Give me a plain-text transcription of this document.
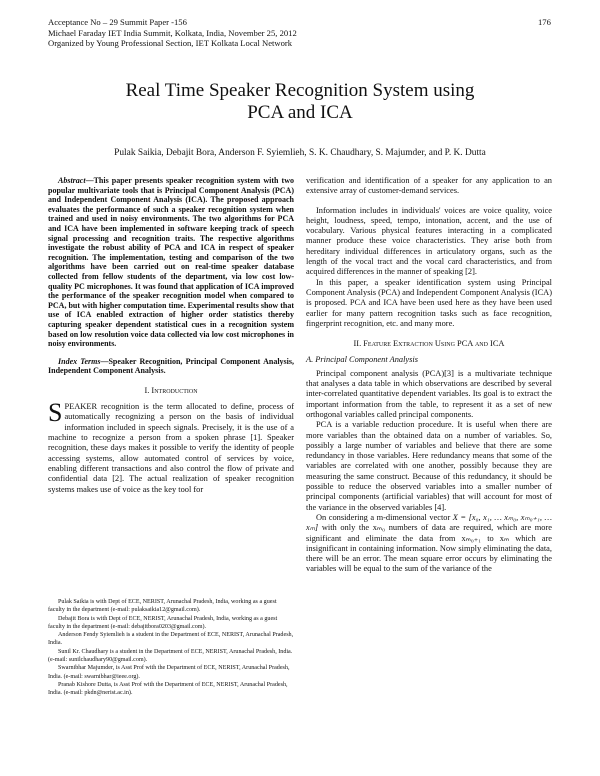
Acceptance No – 29 Summit Paper -156
Michael Faraday IET India Summit, Kolkata, India, November 25, 2012
Organized by Young Professional Section, IET Kolkata Local Network
176
Real Time Speaker Recognition System using
PCA and ICA
Pulak Saikia, Debajit Bora, Anderson F. Syiemlieh, S. K. Chaudhary, S. Majumder, and P. K. Dutta

Abstract—This paper presents speaker recognition system with two popular multivariate tools that is Principal Component Analysis (PCA) and Independent Component Analysis (ICA). The proposed approach evaluates the performance of such a speaker recognition system when trained and used in noisy environments. The two algorithms for PCA and ICA have been implemented in software keeping track of speech signal processing and recognition traits. The respective algorithms investigate the robust ability of PCA and ICA in respect of speaker recognition. The implementation, testing and comparison of the two algorithms have been carried out on real-time speaker database collected from fellow students of the department, via low cost low-quality PC microphones. It was found that application of ICA improved the performance of the speaker recognition model when compared to PCA, but with higher computation time. Experimental results show that use of ICA enabled extraction of higher order statistics thereby capturing speaker dependent statistical cues in a recognition system based on low resolution voice data collected via low cost microphones in noisy environments.

Index Terms—Speaker Recognition, Principal Component Analysis, Independent Component Analysis.

I. Introduction

SPEAKER recognition is the term allocated to define, process of automatically recognizing a person on the basis of individual information included in speech signals. Precisely, it is the use of a machine to recognize a person from a spoken phrase [1]. Speaker recognition, these days makes it possible to verify the identity of people accessing systems, allow automated control of services by voice, enabling different transactions and also control the flow of private and confidential data [2]. The actual realization of speaker recognition systems makes use of voice as the key tool for

Pulak Saikia is with Dept of ECE, NERIST, Arunachal Pradesh, India, working as a guest faculty in the department (e-mail: pulaksaikia12@gmail.com).

Debajit Bora is with Dept of ECE, NERIST, Arunachal Pradesh, India, working as a guest faculty in the department (e-mail: debajitbora0203@gmail.com).

Anderson Fendy Syiemlieh is a student in the Department of ECE, NERIST, Arunachal Pradesh, India.

Sunil Kr. Chaudhary is a student in the Department of ECE, NERIST, Arunachal Pradesh, India. (e-mail: sunilchaudhary90@gmail.com).

Swarnibhar Majumder, is Asst Prof with the Department of ECE, NERIST, Arunachal Pradesh, India. (e-mail: swarnibhar@ieee.org).

Pranab Kishore Dutta, is Asst Prof with the Department of ECE, NERIST, Arunachal Pradesh, India. (e-mail: pkdn@nerist.ac.in).

verification and identification of a speaker for any application to an extensive array of customer-demand services.

Information includes in individuals' voices are voice quality, voice height, loudness, speed, tempo, intonation, accent, and the use of vocabulary. Various physical features interacting in a complicated manner produce these voice characteristics. They arise both from hereditary individual differences in articulatory organs, such as the length of the vocal tract and the vocal card characteristics, and from acquired differences in the manner of speaking [2].

In this paper, a speaker identification system using Principal Component Analysis (PCA) and Independent Component Analysis (ICA) is proposed. PCA and ICA have been used here as they have been used earlier for many pattern recognition tasks such as face recognition, fingerprint recognition, etc. and many more.

II. Feature Extraction Using PCA and ICA
A. Principal Component Analysis

Principal component analysis (PCA)[3] is a multivariate technique that analyses a data table in which observations are described by several inter-correlated quantitative dependent variables. Its goal is to extract the important information from the table, to represent it as a set of new orthogonal variables called principal components.

PCA is a variable reduction procedure. It is useful when there are more variables than the obtained data on a number of variables. So, possibly a large number of variables and believe that there are some redundancy in those variables. Here redundancy means that some of the variables are correlated with one another, possibly because they are measuring the same construct. Because of this redundancy, it should be possible to reduce the observed variables into a smaller number of principal components (artificial variables) that will account for most of the variance in the observed variables [4].

On considering a m-dimensional vector X = [x₀, x₁, … xₘ₀, xₘ₀₊₁, … xₘ] with only the xₘ₀ numbers of data are required, which are more significant and eliminate the data from xₘ₀₊₁ to xₘ which are insignificant in containing information. Now simply eliminating the data, there will be an error. The mean square error occurs by eliminating the variables will be equal to the sum of the variance of the
